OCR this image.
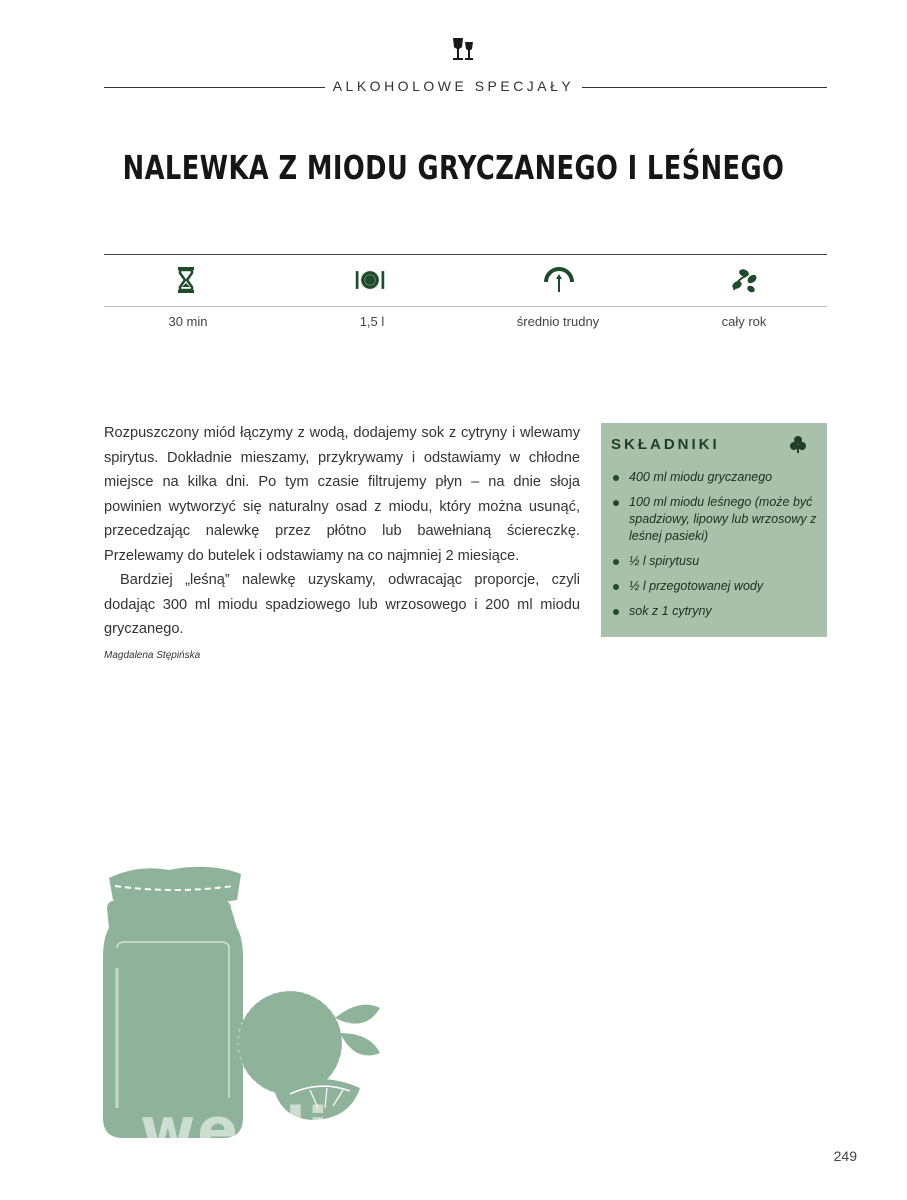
ALKOHOLOWE SPECJAŁY
NALEWKA Z MIODU GRYCZANEGO I LEŚNEGO
30 min	1,5 l	średnio trudny	cały rok

Rozpuszczony miód łączymy z wodą, dodajemy sok z cytryny i wlewamy spirytus. Dokładnie mieszamy, przykrywamy i odstawiamy w chłodne miejsce na kilka dni. Po tym czasie filtrujemy płyn – na dnie słoja powinien wytworzyć się naturalny osad z miodu, który można usunąć, przecedzając nalewkę przez płótno lub bawełnianą ściereczkę. Przelewamy do butelek i odstawiamy na co najmniej 2 miesiące.

Bardziej „leśną” nalewkę uzyskamy, odwracając proporcje, czyli dodając 300 ml miodu spadziowego lub wrzosowego i 200 ml miodu gryczanego.

Magdalena Stępińska
SKŁADNIKI
400 ml miodu gryczanego
100 ml miodu leśnego (może być spadziowy, lipowy lub wrzosowy z leśnej pasieki)
½ l spirytusu
½ l przegotowanej wody
sok z 1 cytryny
wedlinydomowe.pl 249
